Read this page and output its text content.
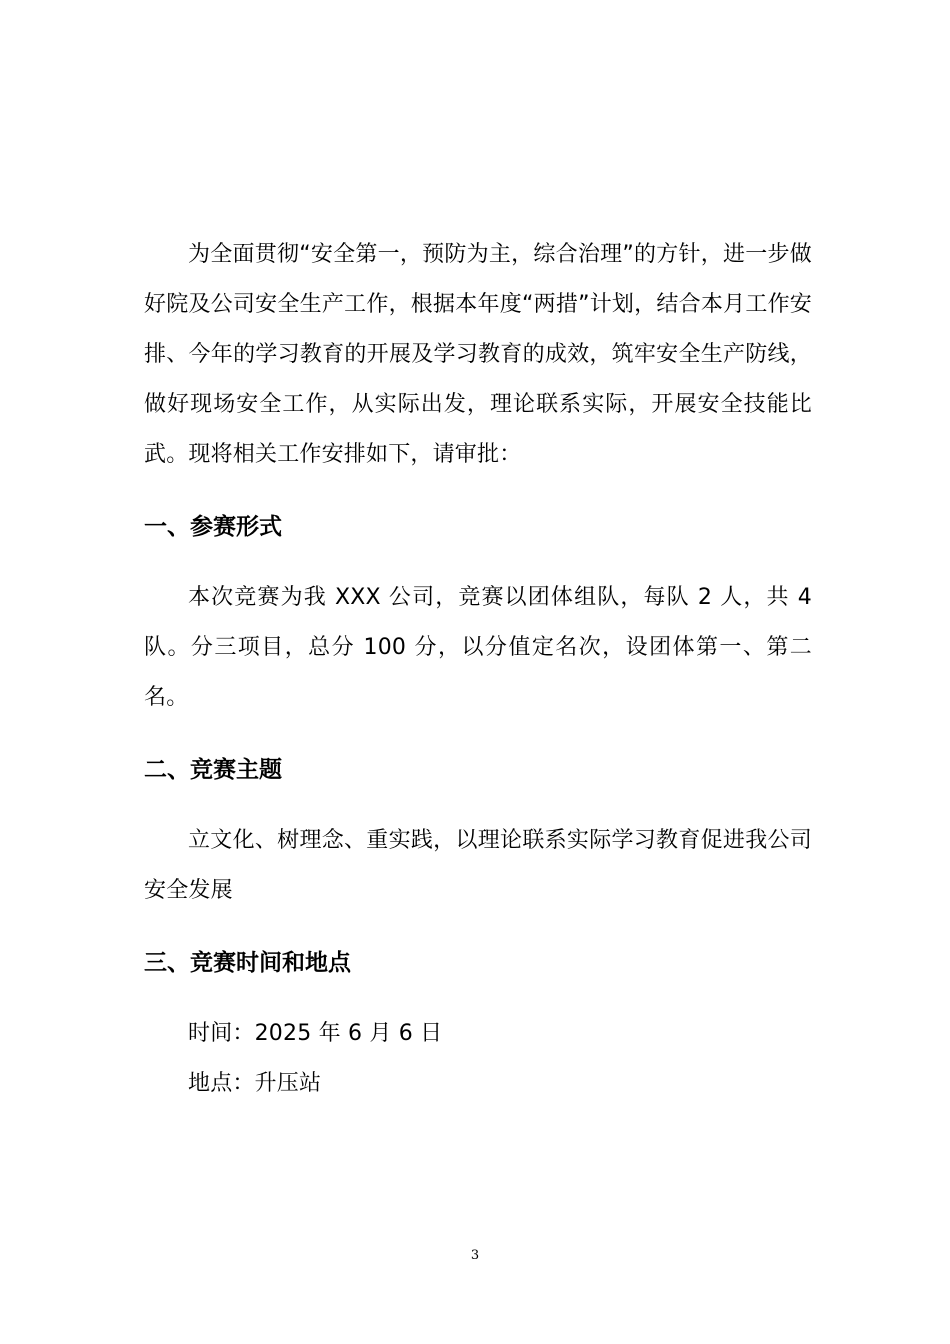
为全面贯彻“安全第一，预防为主，综合治理”的方针，进一步做好院及公司安全生产工作，根据本年度“两措”计划，结合本月工作安排、今年的学习教育的开展及学习教育的成效，筑牢安全生产防线，做好现场安全工作，从实际出发，理论联系实际，开展安全技能比武。现将相关工作安排如下，请审批：

一、参赛形式

本次竞赛为我 XXX 公司，竞赛以团体组队，每队 2 人，共 4 队。分三项目，总分 100 分，以分值定名次，设团体第一、第二名。

二、竞赛主题

立文化、树理念、重实践，以理论联系实际学习教育促进我公司安全发展

三、竞赛时间和地点

时间：2025 年 6 月 6 日

地点：升压站

3
